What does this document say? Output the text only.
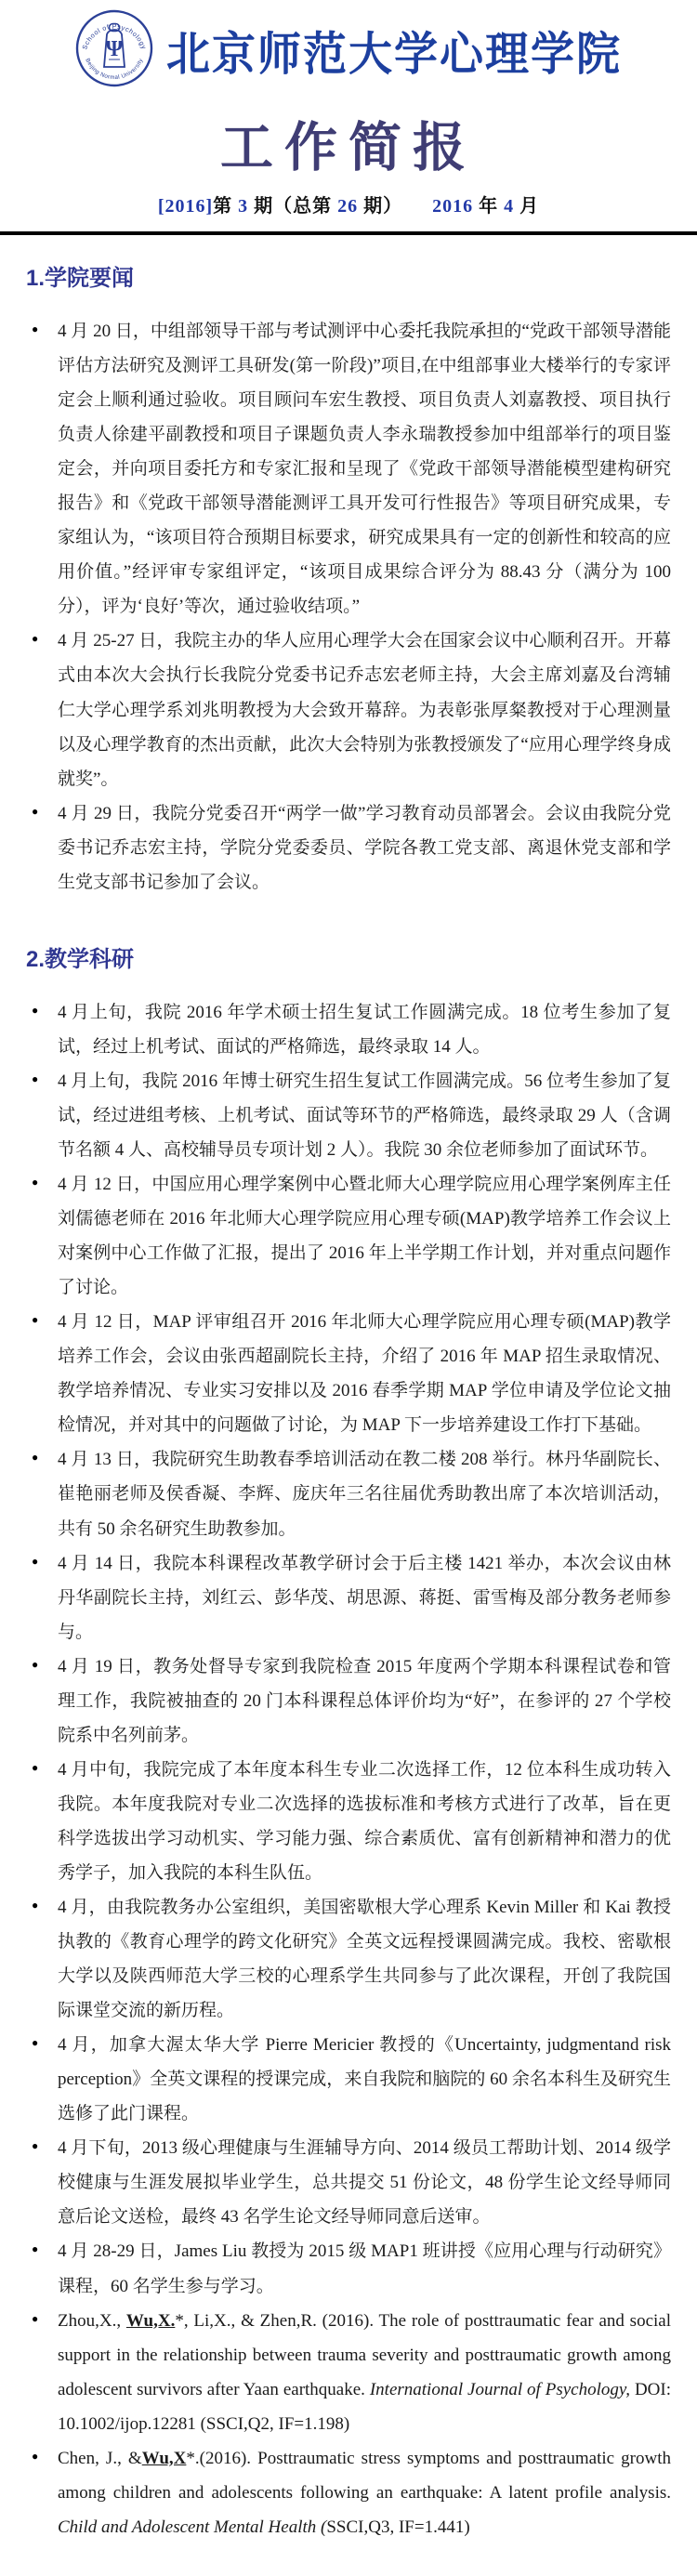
School of Psychology
Beijing Normal University
Ψ 北京师范大学心理学院
工作简报
[2016]第 3 期（总第 26 期）　　 2016 年 4 月
1.学院要闻
● 4 月 20 日，中组部领导干部与考试测评中心委托我院承担的“党政干部领导潜能评估方法研究及测评工具研发(第一阶段)”项目,在中组部事业大楼举行的专家评定会上顺利通过验收。项目顾问车宏生教授、项目负责人刘嘉教授、项目执行负责人徐建平副教授和项目子课题负责人李永瑞教授参加中组部举行的项目鉴定会，并向项目委托方和专家汇报和呈现了《党政干部领导潜能模型建构研究报告》和《党政干部领导潜能测评工具开发可行性报告》等项目研究成果，专家组认为，“该项目符合预期目标要求，研究成果具有一定的创新性和较高的应用价值。”经评审专家组评定，“该项目成果综合评分为 88.43 分（满分为 100 分），评为‘良好’等次，通过验收结项。”
● 4 月 25-27 日，我院主办的华人应用心理学大会在国家会议中心顺利召开。开幕式由本次大会执行长我院分党委书记乔志宏老师主持，大会主席刘嘉及台湾辅仁大学心理学系刘兆明教授为大会致开幕辞。为表彰张厚粲教授对于心理测量以及心理学教育的杰出贡献，此次大会特别为张教授颁发了“应用心理学终身成就奖”。
● 4 月 29 日，我院分党委召开“两学一做”学习教育动员部署会。会议由我院分党委书记乔志宏主持，学院分党委委员、学院各教工党支部、离退休党支部和学生党支部书记参加了会议。
2.教学科研
● 4 月上旬，我院 2016 年学术硕士招生复试工作圆满完成。18 位考生参加了复试，经过上机考试、面试的严格筛选，最终录取 14 人。
● 4 月上旬，我院 2016 年博士研究生招生复试工作圆满完成。56 位考生参加了复试，经过进组考核、上机考试、面试等环节的严格筛选，最终录取 29 人（含调节名额 4 人、高校辅导员专项计划 2 人）。我院 30 余位老师参加了面试环节。
● 4 月 12 日，中国应用心理学案例中心暨北师大心理学院应用心理学案例库主任刘儒德老师在 2016 年北师大心理学院应用心理专硕(MAP)教学培养工作会议上对案例中心工作做了汇报，提出了 2016 年上半学期工作计划，并对重点问题作了讨论。
● 4 月 12 日，MAP 评审组召开 2016 年北师大心理学院应用心理专硕(MAP)教学培养工作会，会议由张西超副院长主持，介绍了 2016 年 MAP 招生录取情况、教学培养情况、专业实习安排以及 2016 春季学期 MAP 学位申请及学位论文抽检情况，并对其中的问题做了讨论，为 MAP 下一步培养建设工作打下基础。
● 4 月 13 日，我院研究生助教春季培训活动在教二楼 208 举行。林丹华副院长、崔艳丽老师及侯香凝、李辉、庞庆年三名往届优秀助教出席了本次培训活动，共有 50 余名研究生助教参加。
● 4 月 14 日，我院本科课程改革教学研讨会于后主楼 1421 举办，本次会议由林丹华副院长主持，刘红云、彭华茂、胡思源、蒋挺、雷雪梅及部分教务老师参与。
● 4 月 19 日，教务处督导专家到我院检查 2015 年度两个学期本科课程试卷和管理工作，我院被抽查的 20 门本科课程总体评价均为“好”，在参评的 27 个学校院系中名列前茅。
● 4 月中旬，我院完成了本年度本科生专业二次选择工作，12 位本科生成功转入我院。本年度我院对专业二次选择的选拔标准和考核方式进行了改革，旨在更科学选拔出学习动机实、学习能力强、综合素质优、富有创新精神和潜力的优秀学子，加入我院的本科生队伍。
● 4 月，由我院教务办公室组织，美国密歇根大学心理系 Kevin Miller 和 Kai 教授执教的《教育心理学的跨文化研究》全英文远程授课圆满完成。我校、密歇根大学以及陕西师范大学三校的心理系学生共同参与了此次课程，开创了我院国际课堂交流的新历程。
● 4 月，加拿大渥太华大学 Pierre Mericier 教授的《Uncertainty, judgmentand risk perception》全英文课程的授课完成，来自我院和脑院的 60 余名本科生及研究生选修了此门课程。
● 4 月下旬，2013 级心理健康与生涯辅导方向、2014 级员工帮助计划、2014 级学校健康与生涯发展拟毕业学生，总共提交 51 份论文，48 份学生论文经导师同意后论文送检，最终 43 名学生论文经导师同意后送审。
● 4 月 28-29 日，James Liu 教授为 2015 级 MAP1 班讲授《应用心理与行动研究》课程，60 名学生参与学习。
● Zhou,X., Wu,X.*, Li,X., & Zhen,R. (2016). The role of posttraumatic fear and social support in the relationship between trauma severity and posttraumatic growth among adolescent survivors after Yaan earthquake. International Journal of Psychology, DOI: 10.1002/ijop.12281 (SSCI,Q2, IF=1.198)
● Chen, J., &Wu,X*.(2016). Posttraumatic stress symptoms and posttraumatic growth among children and adolescents following an earthquake: A latent profile analysis. Child and Adolescent Mental Health (SSCI,Q3, IF=1.441)
